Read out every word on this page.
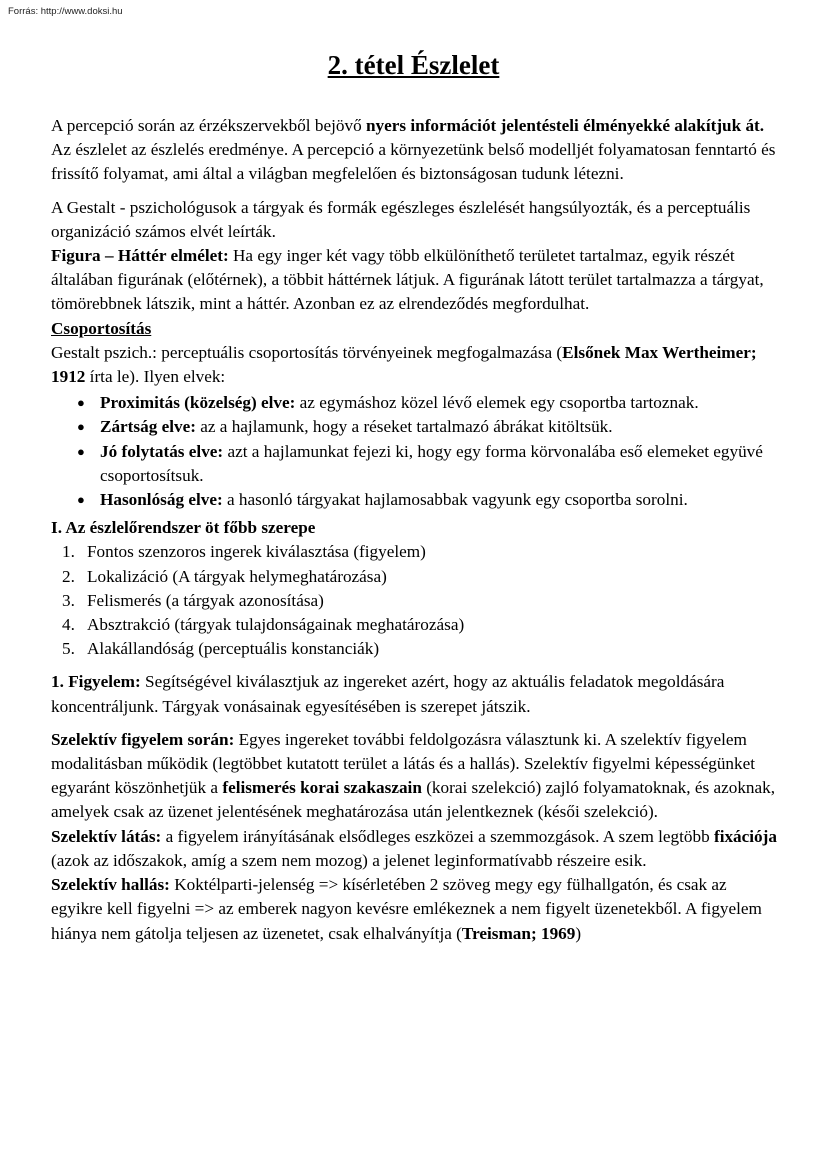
Forrás: http://www.doksi.hu
2. tétel Észlelet

A percepció során az érzékszervekből bejövő nyers információt jelentésteli élményekké alakítjuk át. Az észlelet az észlelés eredménye. A percepció a környezetünk belső modelljét folyamatosan fenntartó és frissítő folyamat, ami által a világban megfelelően és biztonságosan tudunk létezni.

A Gestalt - pszichológusok a tárgyak és formák egészleges észlelését hangsúlyozták, és a perceptuális organizáció számos elvét leírták.

Figura – Háttér elmélet: Ha egy inger két vagy több elkülöníthető területet tartalmaz, egyik részét általában figurának (előtérnek), a többit háttérnek látjuk. A figurának látott terület tartalmazza a tárgyat, tömörebbnek látszik, mint a háttér. Azonban ez az elrendeződés megfordulhat.

Csoportosítás

Gestalt pszich.: perceptuális csoportosítás törvényeinek megfogalmazása (Elsőnek Max Wertheimer; 1912 írta le). Ilyen elvek:

● Proximitás (közelség) elve: az egymáshoz közel lévő elemek egy csoportba tartoznak.
● Zártság elve: az a hajlamunk, hogy a réseket tartalmazó ábrákat kitöltsük.
● Jó folytatás elve: azt a hajlamunkat fejezi ki, hogy egy forma körvonalába eső elemeket együvé csoportosítsuk.
● Hasonlóság elve: a hasonló tárgyakat hajlamosabbak vagyunk egy csoportba sorolni.

I. Az észlelőrendszer öt főbb szerepe

1. Fontos szenzoros ingerek kiválasztása (figyelem)
2. Lokalizáció (A tárgyak helymeghatározása)
3. Felismerés (a tárgyak azonosítása)
4. Absztrakció (tárgyak tulajdonságainak meghatározása)
5. Alakállandóság (perceptuális konstanciák)

1. Figyelem: Segítségével kiválasztjuk az ingereket azért, hogy az aktuális feladatok megoldására koncentráljunk. Tárgyak vonásainak egyesítésében is szerepet játszik.

Szelektív figyelem során: Egyes ingereket további feldolgozásra választunk ki. A szelektív figyelem modalitásban működik (legtöbbet kutatott terület a látás és a hallás). Szelektív figyelmi képességünket egyaránt köszönhetjük a felismerés korai szakaszain (korai szelekció) zajló folyamatoknak, és azoknak, amelyek csak az üzenet jelentésének meghatározása után jelentkeznek (késői szelekció).

Szelektív látás: a figyelem irányításának elsődleges eszközei a szemmozgások. A szem legtöbb fixációja (azok az időszakok, amíg a szem nem mozog) a jelenet leginformatívabb részeire esik.

Szelektív hallás: Koktélparti-jelenség => kísérletében 2 szöveg megy egy fülhallgatón, és csak az egyikre kell figyelni => az emberek nagyon kevésre emlékeznek a nem figyelt üzenetekből. A figyelem hiánya nem gátolja teljesen az üzenetet, csak elhalványítja (Treisman; 1969)
